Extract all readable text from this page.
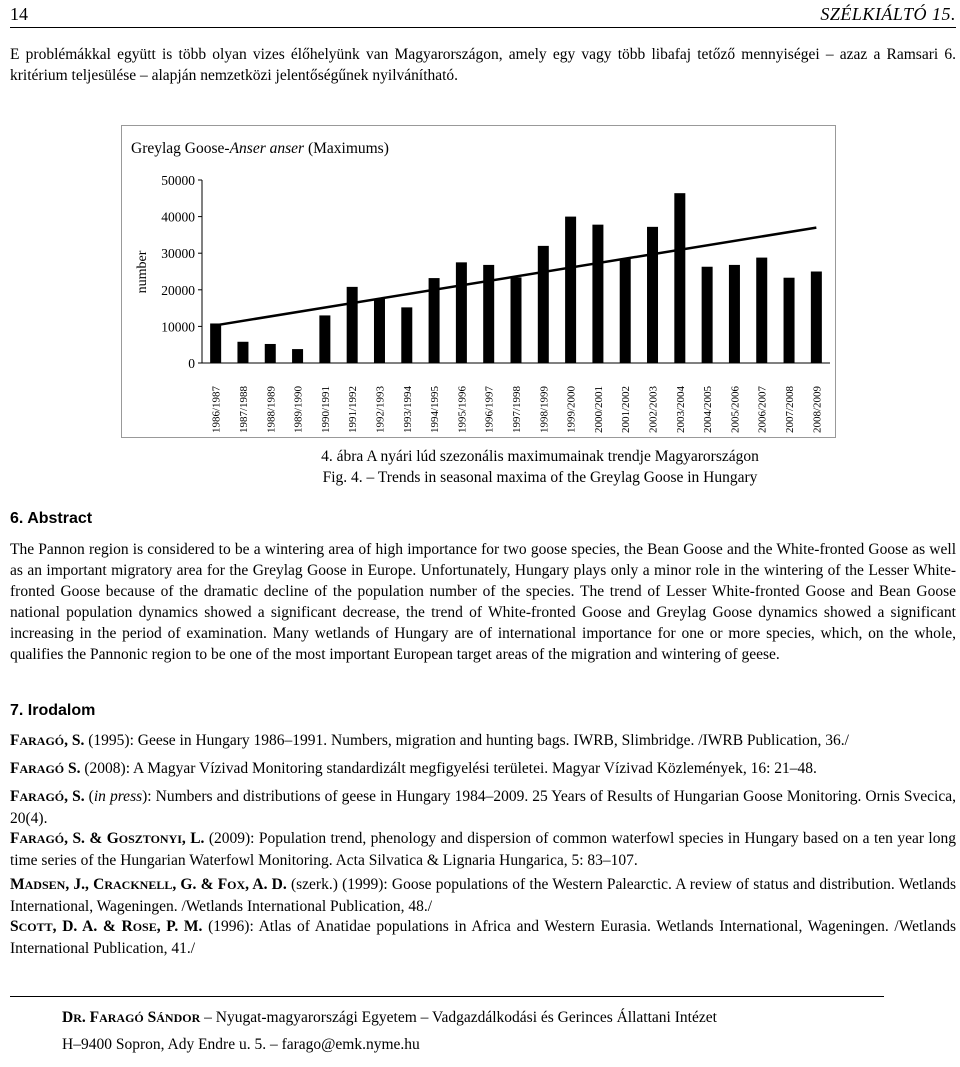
14	SZÉLKIÁLTÓ 15.

E problémákkal együtt is több olyan vizes élőhelyünk van Magyarországon, amely egy vagy több libafaj tetőző mennyiségei – azaz a Ramsari 6. kritérium teljesülése – alapján nemzetközi jelentőségűnek nyilvánítható.

Greylag Goose-Anser anser (Maximums)
number
0
10000
20000
30000
40000
50000
1986/1987 1987/1988 1988/1989 1989/1990 1990/1991 1991/1992 1992/1993 1993/1994 1994/1995 1995/1996 1996/1997 1997/1998 1998/1999 1999/2000 2000/2001 2001/2002 2002/2003 2003/2004 2004/2005 2005/2006 2006/2007 2007/2008 2008/2009
4. ábra A nyári lúd szezonális maximumainak trendje Magyarországon
Fig. 4. – Trends in seasonal maxima of the Greylag Goose in Hungary
6. Abstract

The Pannon region is considered to be a wintering area of high importance for two goose species, the Bean Goose and the White-fronted Goose as well as an important migratory area for the Greylag Goose in Europe. Unfortunately, Hungary plays only a minor role in the wintering of the Lesser White-fronted Goose because of the dramatic decline of the population number of the species. The trend of Lesser White-fronted Goose and Bean Goose national population dynamics showed a significant decrease, the trend of White-fronted Goose and Greylag Goose dynamics showed a significant increasing in the period of examination. Many wetlands of Hungary are of international importance for one or more species, which, on the whole, qualifies the Pannonic region to be one of the most important European target areas of the migration and wintering of geese.

7. Irodalom

FARAGÓ, S. (1995): Geese in Hungary 1986–1991. Numbers, migration and hunting bags. IWRB, Slimbridge. /IWRB Publication, 36./

FARAGÓ S. (2008): A Magyar Vízivad Monitoring standardizált megfigyelési területei. Magyar Vízivad Közlemények, 16: 21–48.

FARAGÓ, S. (in press): Numbers and distributions of geese in Hungary 1984–2009. 25 Years of Results of Hungarian Goose Monitoring. Ornis Svecica, 20(4).

FARAGÓ, S. & GOSZTONYI, L. (2009): Population trend, phenology and dispersion of common waterfowl species in Hungary based on a ten year long time series of the Hungarian Waterfowl Monitoring. Acta Silvatica & Lignaria Hungarica, 5: 83–107.

MADSEN, J., CRACKNELL, G. & FOX, A. D. (szerk.) (1999): Goose populations of the Western Palearctic. A review of status and distribution. Wetlands International, Wageningen. /Wetlands International Publication, 48./

SCOTT, D. A. & ROSE, P. M. (1996): Atlas of Anatidae populations in Africa and Western Eurasia. Wetlands International, Wageningen. /Wetlands International Publication, 41./

DR. FARAGÓ SÁNDOR – Nyugat-magyarországi Egyetem – Vadgazdálkodási és Gerinces Állattani Intézet
H–9400 Sopron, Ady Endre u. 5. – farago@emk.nyme.hu
